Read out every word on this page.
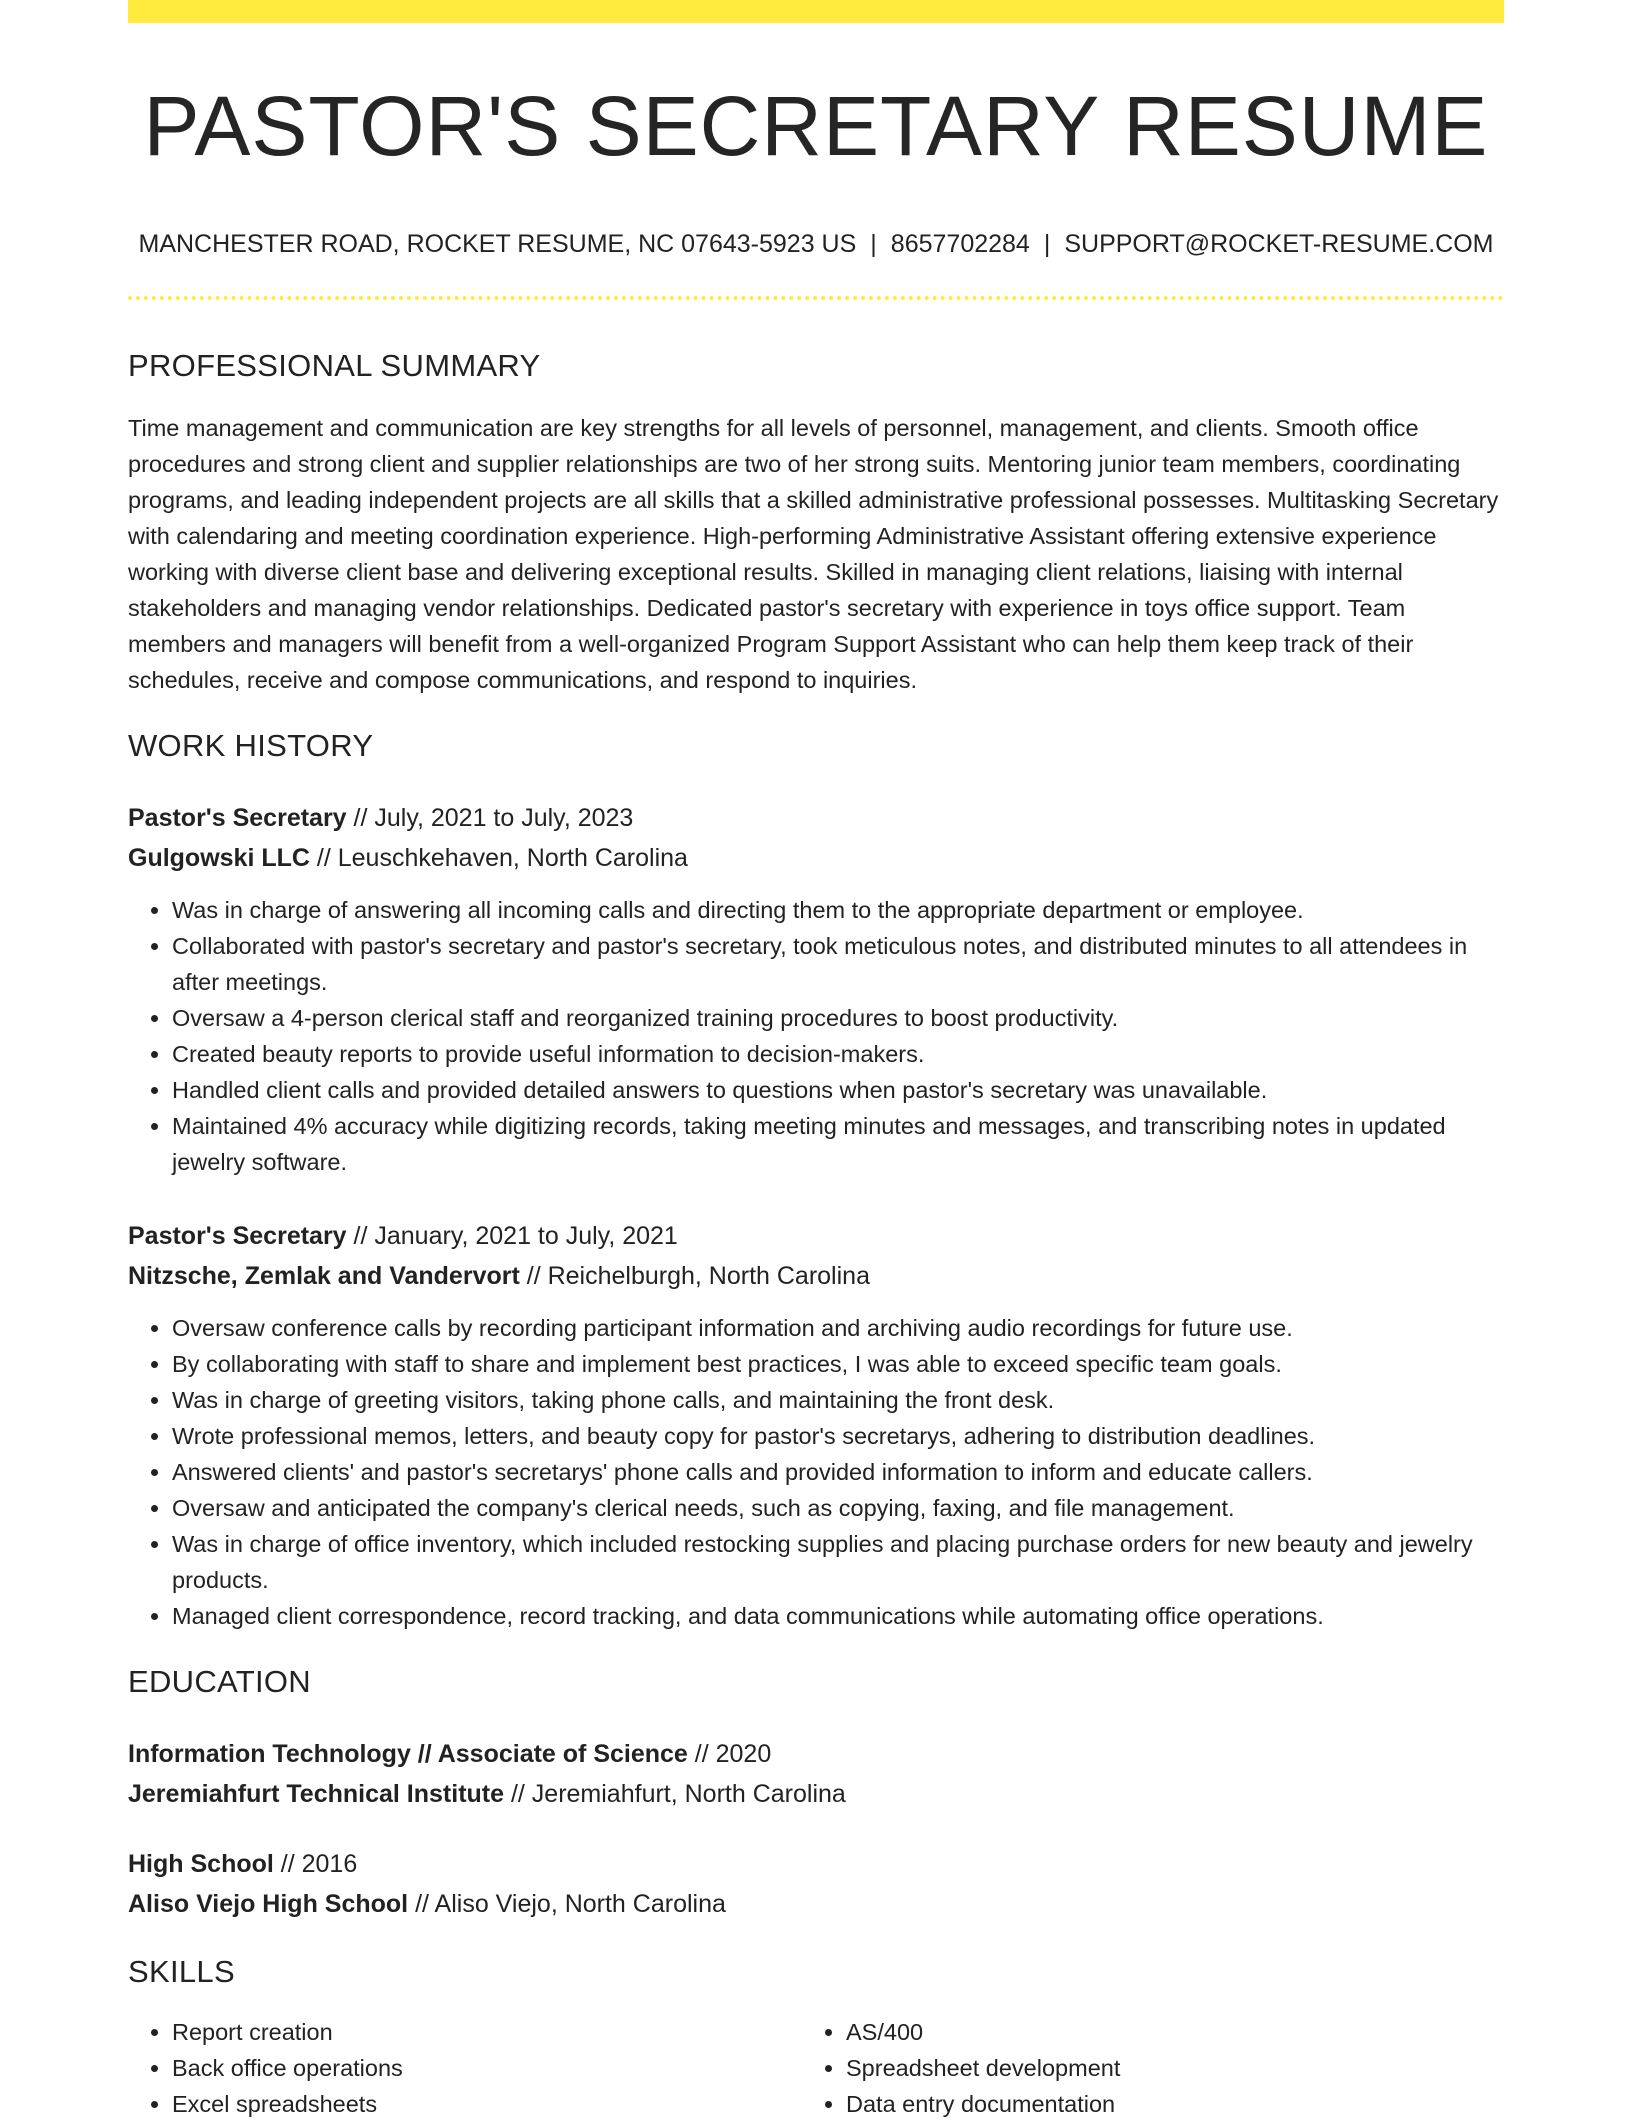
PASTOR'S SECRETARY RESUME
MANCHESTER ROAD, ROCKET RESUME, NC 07643-5923 US | 8657702284 | SUPPORT@ROCKET-RESUME.COM
PROFESSIONAL SUMMARY
Time management and communication are key strengths for all levels of personnel, management, and clients. Smooth office procedures and strong client and supplier relationships are two of her strong suits. Mentoring junior team members, coordinating programs, and leading independent projects are all skills that a skilled administrative professional possesses. Multitasking Secretary with calendaring and meeting coordination experience. High-performing Administrative Assistant offering extensive experience working with diverse client base and delivering exceptional results. Skilled in managing client relations, liaising with internal stakeholders and managing vendor relationships. Dedicated pastor's secretary with experience in toys office support. Team members and managers will benefit from a well-organized Program Support Assistant who can help them keep track of their schedules, receive and compose communications, and respond to inquiries.
WORK HISTORY
Pastor's Secretary // July, 2021 to July, 2023
Gulgowski LLC // Leuschkehaven, North Carolina
• Was in charge of answering all incoming calls and directing them to the appropriate department or employee.
• Collaborated with pastor's secretary and pastor's secretary, took meticulous notes, and distributed minutes to all attendees in after meetings.
• Oversaw a 4-person clerical staff and reorganized training procedures to boost productivity.
• Created beauty reports to provide useful information to decision-makers.
• Handled client calls and provided detailed answers to questions when pastor's secretary was unavailable.
• Maintained 4% accuracy while digitizing records, taking meeting minutes and messages, and transcribing notes in updated jewelry software.
Pastor's Secretary // January, 2021 to July, 2021
Nitzsche, Zemlak and Vandervort // Reichelburgh, North Carolina
• Oversaw conference calls by recording participant information and archiving audio recordings for future use.
• By collaborating with staff to share and implement best practices, I was able to exceed specific team goals.
• Was in charge of greeting visitors, taking phone calls, and maintaining the front desk.
• Wrote professional memos, letters, and beauty copy for pastor's secretarys, adhering to distribution deadlines.
• Answered clients' and pastor's secretarys' phone calls and provided information to inform and educate callers.
• Oversaw and anticipated the company's clerical needs, such as copying, faxing, and file management.
• Was in charge of office inventory, which included restocking supplies and placing purchase orders for new beauty and jewelry products.
• Managed client correspondence, record tracking, and data communications while automating office operations.
EDUCATION
Information Technology // Associate of Science // 2020
Jeremiahfurt Technical Institute // Jeremiahfurt, North Carolina
High School // 2016
Aliso Viejo High School // Aliso Viejo, North Carolina
SKILLS
• Report creation
• Back office operations
• Excel spreadsheets
• AS/400
• Spreadsheet development
• Data entry documentation
